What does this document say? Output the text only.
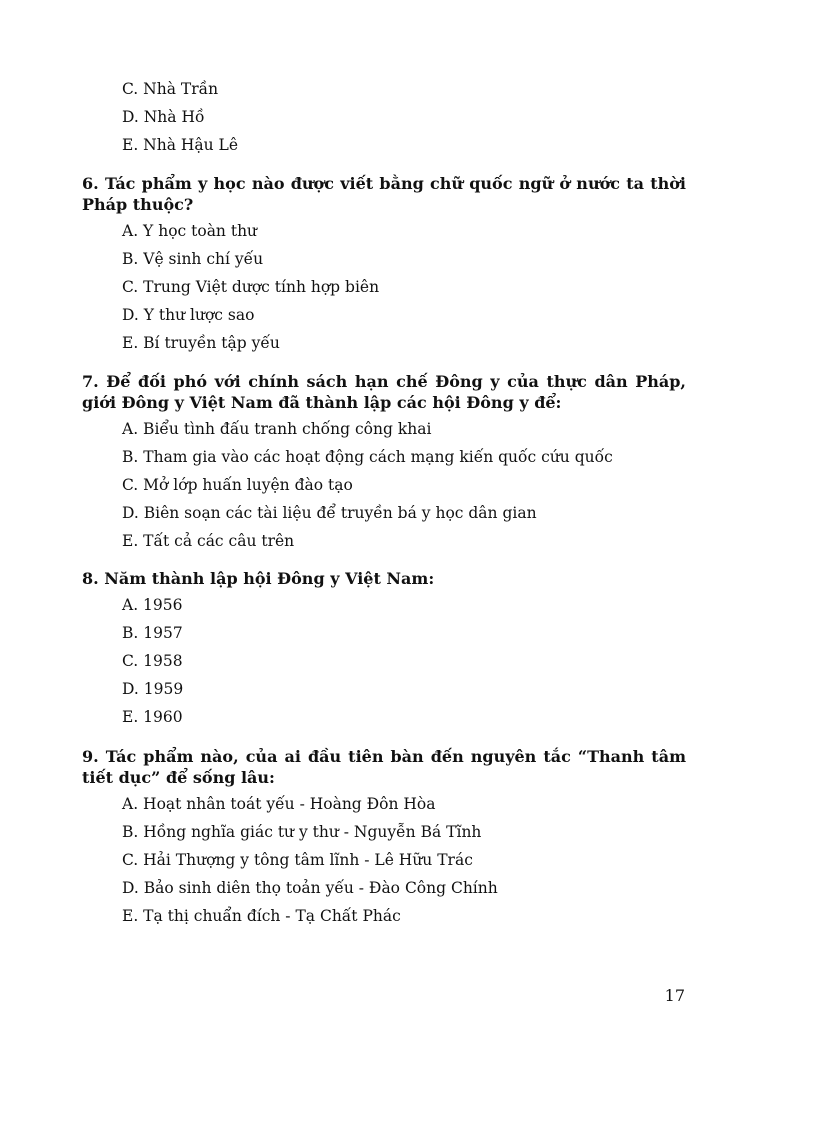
C. Nhà Trần
D. Nhà Hồ
E. Nhà Hậu Lê

6. Tác phẩm y học nào được viết bằng chữ quốc ngữ ở nước ta thời Pháp thuộc?

A. Y học toàn thư
B. Vệ sinh chí yếu
C. Trung Việt dược tính hợp biên
D. Y thư lược sao
E. Bí truyền tập yếu

7. Để đối phó với chính sách hạn chế Đông y của thực dân Pháp, giới Đông y Việt Nam đã thành lập các hội Đông y để:

A. Biểu tình đấu tranh chống công khai
B. Tham gia vào các hoạt động cách mạng kiến quốc cứu quốc
C. Mở lớp huấn luyện đào tạo
D. Biên soạn các tài liệu để truyền bá y học dân gian
E. Tất cả các câu trên

8. Năm thành lập hội Đông y Việt Nam:

A. 1956
B. 1957
C. 1958
D. 1959
E. 1960

9. Tác phẩm nào, của ai đầu tiên bàn đến nguyên tắc “Thanh tâm tiết dục” để sống lâu:

A. Hoạt nhân toát yếu - Hoàng Đôn Hòa
B. Hồng nghĩa giác tư y thư - Nguyễn Bá Tĩnh
C. Hải Thượng y tông tâm lĩnh - Lê Hữu Trác
D. Bảo sinh diên thọ toản yếu - Đào Công Chính
E. Tạ thị chuẩn đích - Tạ Chất Phác
17
